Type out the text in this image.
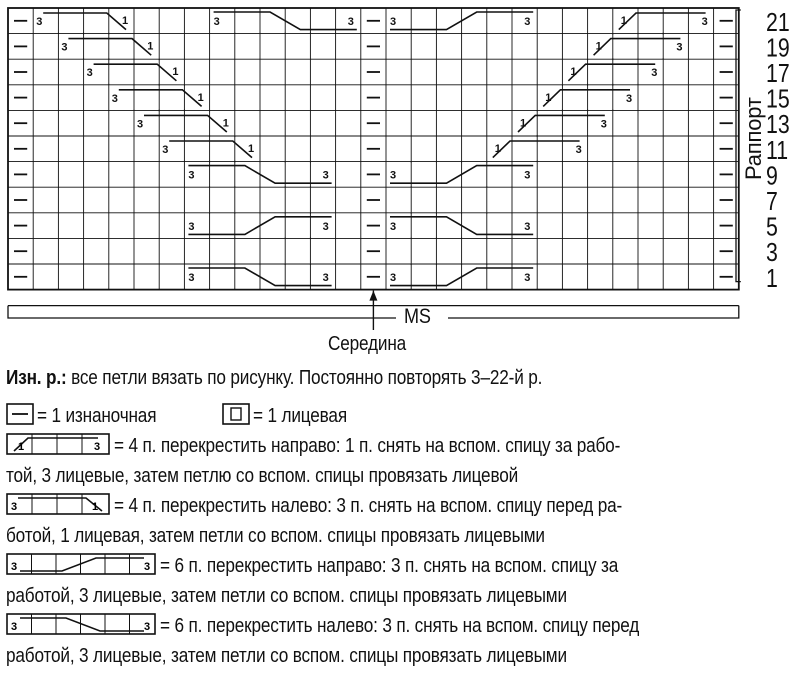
3	1
3	1
3	1
3	1
3	1
3	1	1	3
1	3
1	3
1	3
1	3
1	3
3	3	3	3
3	3	3	3
3	3	3	3
3	3	3	3
21
19
17
15
13
11
9
7
5
3
1
Раппорт
MS
Середина
Изн. р.: все петли вязать по рисунку. Постоянно повторять 3–22-й р.
= 1 изнаночная	= 1 лицевая
1	3 = 4 п. перекрестить направо: 1 п. снять на вспом. спицу за рабо-
той, 3 лицевые, затем петлю со вспом. спицы провязать лицевой
3	1 = 4 п. перекрестить налево: 3 п. снять на вспом. спицу перед ра-
ботой, 1 лицевая, затем петли со вспом. спицы провязать лицевыми
3	3 = 6 п. перекрестить направо: 3 п. снять на вспом. спицу за
работой, 3 лицевые, затем петли со вспом. спицы провязать лицевыми
3	3 = 6 п. перекрестить налево: 3 п. снять на вспом. спицу перед
работой, 3 лицевые, затем петли со вспом. спицы провязать лицевыми
